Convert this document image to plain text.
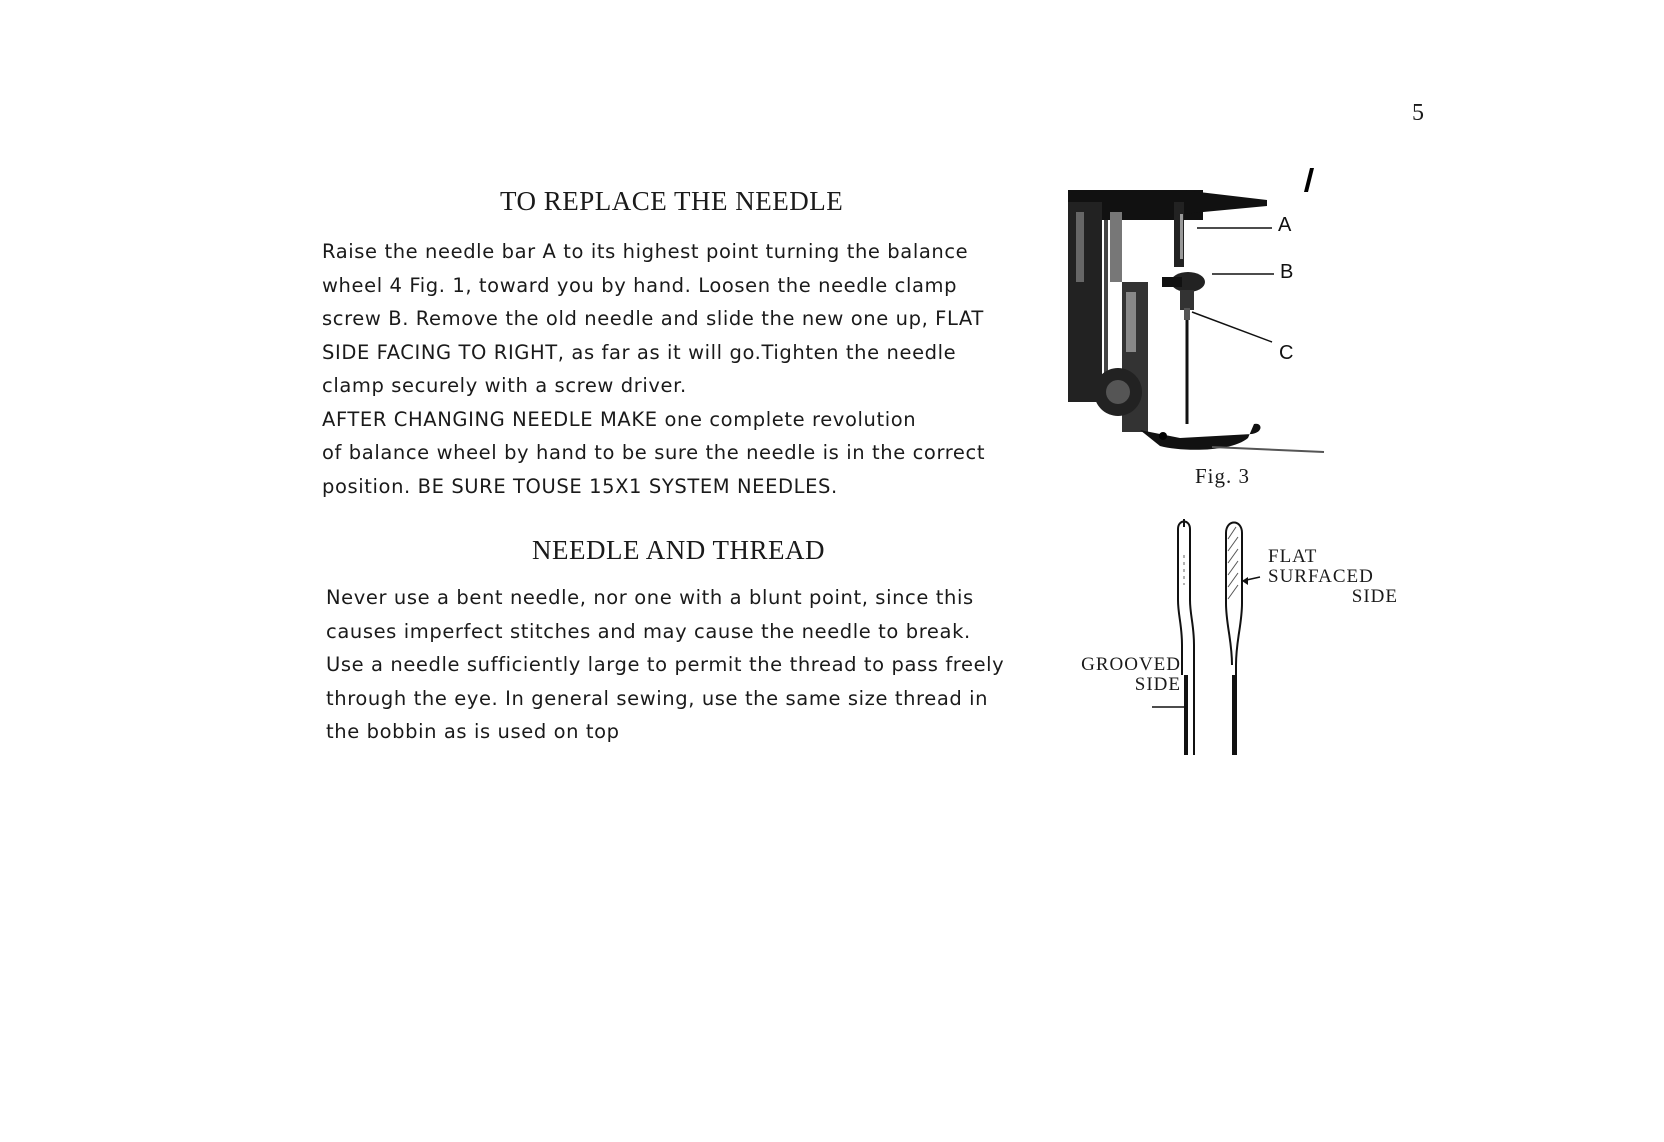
5
TO REPLACE THE NEEDLE

Raise the needle bar A to its highest point turning the balance
wheel 4 Fig. 1, toward you by hand. Loosen the needle clamp
screw B. Remove the old needle and slide the new one up, FLAT
SIDE FACING TO RIGHT, as far as it will go.Tighten the needle
clamp securely with a screw driver.
AFTER CHANGING NEEDLE MAKE one complete revolution
of balance wheel by hand to be sure the needle is in the correct
position. BE SURE TOUSE 15X1 SYSTEM NEEDLES.

NEEDLE AND THREAD

Never use a bent needle, nor one with a blunt point, since this
causes imperfect stitches and may cause the needle to break.
Use a needle sufficiently large to permit the thread to pass freely
through the eye. In general sewing, use the same size thread in
the bobbin as is used on top

A
B
C
Fig. 3
GROOVED
SIDE
FLAT
SURFACED
SIDE
